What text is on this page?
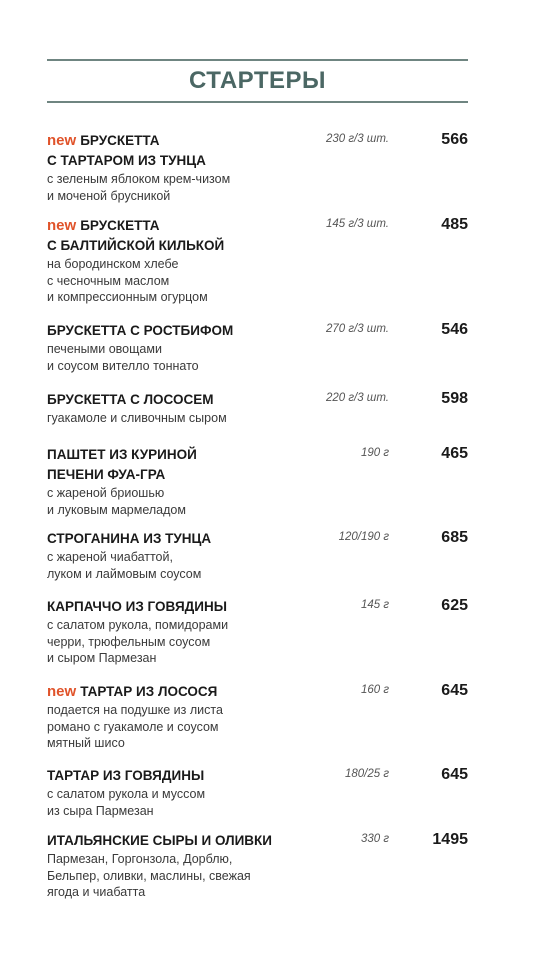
СТАРТЕРЫ
new БРУСКЕТТА
С ТАРТАРОМ ИЗ ТУНЦА
с зеленым яблоком крем-чизом
и моченой брусникой
230 г/3 шт.	566
new БРУСКЕТТА
С БАЛТИЙСКОЙ КИЛЬКОЙ
на бородинском хлебе
с чесночным маслом
и компрессионным огурцом
145 г/3 шт.	485
БРУСКЕТТА С РОСТБИФОМ
печеными овощами
и соусом вителло тоннато
270 г/3 шт.	546
БРУСКЕТТА С ЛОСОСЕМ
гуакамоле и сливочным сыром
220 г/3 шт.	598
ПАШТЕТ ИЗ КУРИНОЙ
ПЕЧЕНИ ФУА-ГРА
с жареной бриошью
и луковым мармеладом
190 г	465
СТРОГАНИНА ИЗ ТУНЦА
с жареной чиабаттой,
луком и лаймовым соусом
120/190 г	685
КАРПАЧЧО ИЗ ГОВЯДИНЫ
с салатом рукола, помидорами
черри, трюфельным соусом
и сыром Пармезан
145 г	625
new ТАРТАР ИЗ ЛОСОСЯ
подается на подушке из листа
романо с гуакамоле и соусом
мятный шисо
160 г	645
ТАРТАР ИЗ ГОВЯДИНЫ
с салатом рукола и муссом
из сыра Пармезан
180/25 г	645
ИТАЛЬЯНСКИЕ СЫРЫ И ОЛИВКИ
Пармезан, Горгонзола, Дорблю,
Бельпер, оливки, маслины, свежая
ягода и чиабатта
330 г	1495
